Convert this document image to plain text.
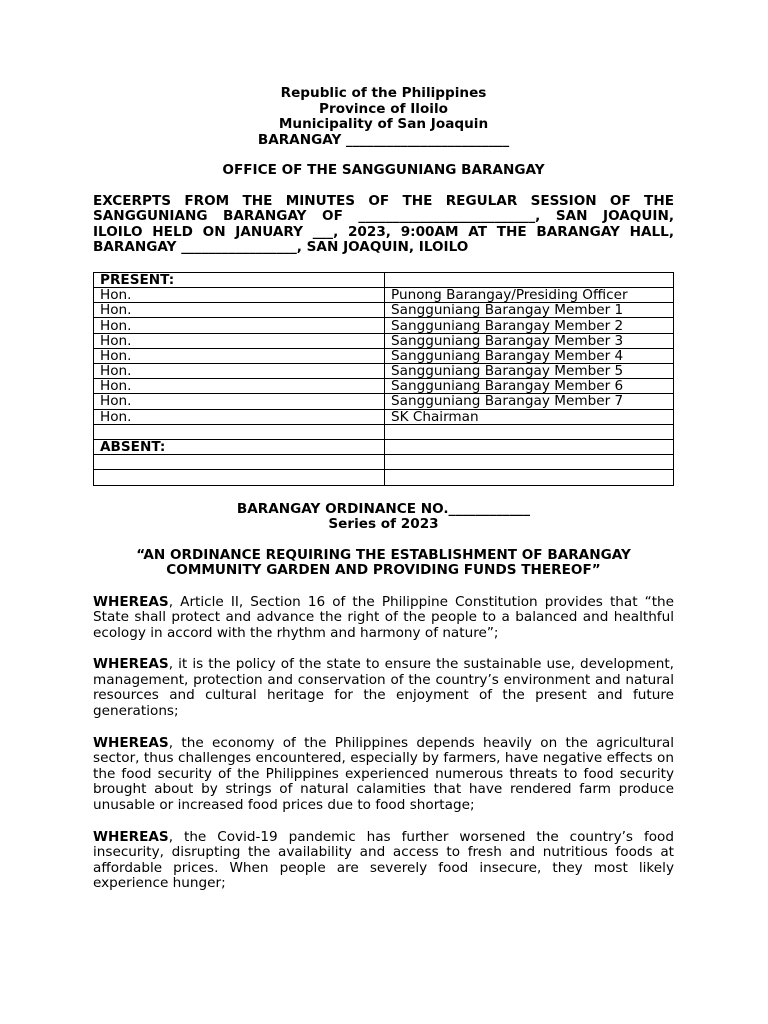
Republic of the Philippines

Province of Iloilo

Municipality of San Joaquin

BARANGAY ________________________

OFFICE OF THE SANGGUNIANG BARANGAY

EXCERPTS FROM THE MINUTES OF THE REGULAR SESSION OF THE SANGGUNIANG BARANGAY OF __________________________, SAN JOAQUIN, ILOILO HELD ON JANUARY ___, 2023, 9:00AM AT THE BARANGAY HALL, BARANGAY _________________, SAN JOAQUIN, ILOILO

PRESENT:	
Hon.	Punong Barangay/Presiding Officer
Hon.	Sangguniang Barangay Member 1
Hon.	Sangguniang Barangay Member 2
Hon.	Sangguniang Barangay Member 3
Hon.	Sangguniang Barangay Member 4
Hon.	Sangguniang Barangay Member 5
Hon.	Sangguniang Barangay Member 6
Hon.	Sangguniang Barangay Member 7
Hon.	SK Chairman

ABSENT:	

BARANGAY ORDINANCE NO.____________
Series of 2023
“AN ORDINANCE REQUIRING THE ESTABLISHMENT OF BARANGAY
COMMUNITY GARDEN AND PROVIDING FUNDS THEREOF”

WHEREAS, Article II, Section 16 of the Philippine Constitution provides that “the State shall protect and advance the right of the people to a balanced and healthful ecology in accord with the rhythm and harmony of nature”;

WHEREAS, it is the policy of the state to ensure the sustainable use, development, management, protection and conservation of the country’s environment and natural resources and cultural heritage for the enjoyment of the present and future generations;

WHEREAS, the economy of the Philippines depends heavily on the agricultural sector, thus challenges encountered, especially by farmers, have negative effects on the food security of the Philippines experienced numerous threats to food security brought about by strings of natural calamities that have rendered farm produce unusable or increased food prices due to food shortage;

WHEREAS, the Covid-19 pandemic has further worsened the country’s food insecurity, disrupting the availability and access to fresh and nutritious foods at affordable prices. When people are severely food insecure, they most likely experience hunger;
